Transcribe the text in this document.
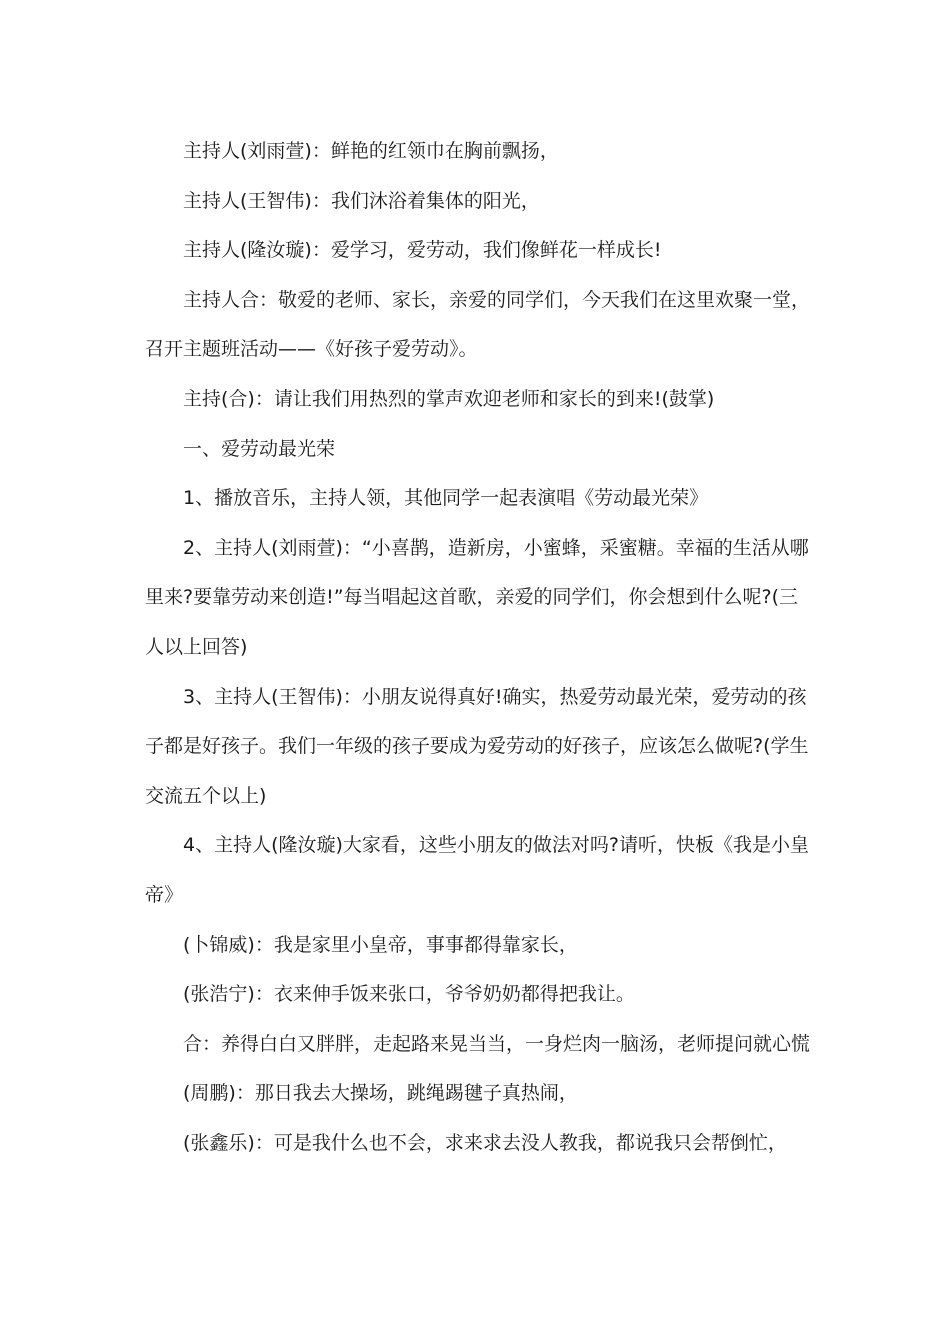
主持人(刘雨萱)：鲜艳的红领巾在胸前飘扬，

主持人(王智伟)：我们沐浴着集体的阳光，

主持人(隆汝璇)：爱学习，爱劳动，我们像鲜花一样成长!

主持人合：敬爱的老师、家长，亲爱的同学们，今天我们在这里欢聚一堂，召开主题班活动——《好孩子爱劳动》。

主持(合)：请让我们用热烈的掌声欢迎老师和家长的到来!(鼓掌)

一、爱劳动最光荣

1、播放音乐，主持人领，其他同学一起表演唱《劳动最光荣》

2、主持人(刘雨萱)：“小喜鹊，造新房，小蜜蜂，采蜜糖。幸福的生活从哪里来?要靠劳动来创造!”每当唱起这首歌，亲爱的同学们，你会想到什么呢?(三人以上回答)

3、主持人(王智伟)：小朋友说得真好!确实，热爱劳动最光荣，爱劳动的孩子都是好孩子。我们一年级的孩子要成为爱劳动的好孩子，应该怎么做呢?(学生交流五个以上)

4、主持人(隆汝璇)大家看，这些小朋友的做法对吗?请听，快板《我是小皇帝》

(卜锦威)：我是家里小皇帝，事事都得靠家长，

(张浩宁)：衣来伸手饭来张口，爷爷奶奶都得把我让。

合：养得白白又胖胖，走起路来晃当当，一身烂肉一脑汤，老师提问就心慌

(周鹏)：那日我去大操场，跳绳踢毽子真热闹，

(张鑫乐)：可是我什么也不会，求来求去没人教我，都说我只会帮倒忙，
